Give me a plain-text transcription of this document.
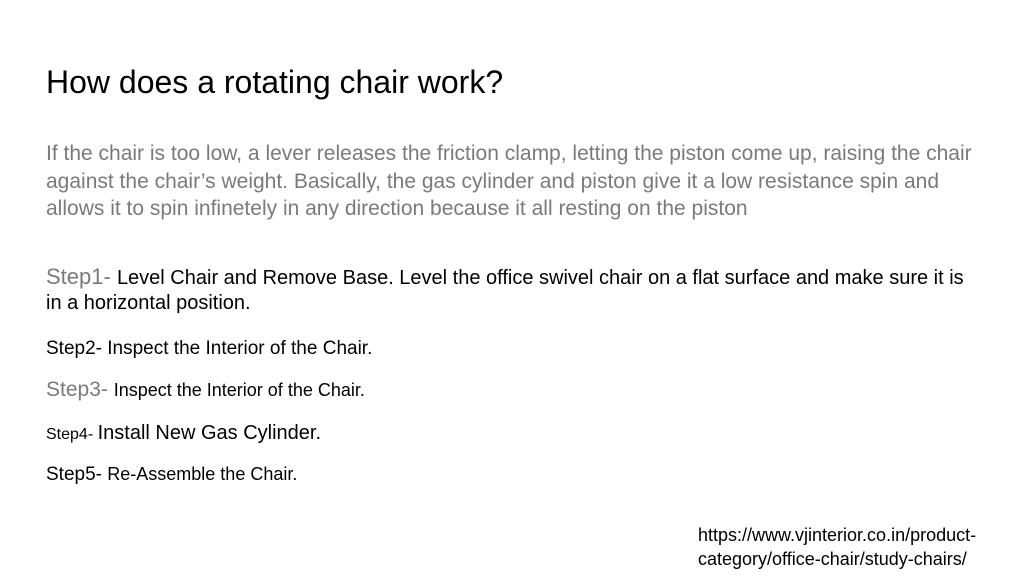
How does a rotating chair work?
If the chair is too low, a lever releases the friction clamp, letting the piston come up, raising the chair against the chair’s weight. Basically, the gas cylinder and piston give it a low resistance spin and allows it to spin infinetely in any direction because it all resting on the piston
Step1- Level Chair and Remove Base. Level the office swivel chair on a flat surface and make sure it is in a horizontal position.
Step2- Inspect the Interior of the Chair.
Step3- Inspect the Interior of the Chair.
Step4- Install New Gas Cylinder.
Step5- Re-Assemble the Chair.
https://www.vjinterior.co.in/product-
category/office-chair/study-chairs/
